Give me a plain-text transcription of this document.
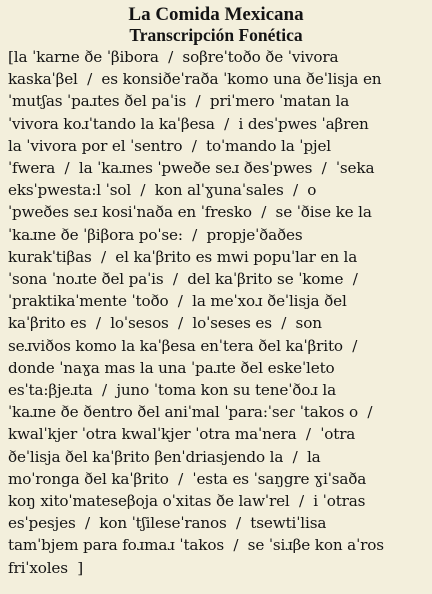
La Comida Mexicana
Transcripción Fonética
[la ˈkarne ðe ˈβibora  /  soβreˈtoðo ðe ˈvivora
kaskaˈβel  /  es konsiðeˈraða ˈkomo una ðeˈlisja en
ˈmutʃas ˈpaɹtes ðel paˈis  /  priˈmero ˈmatan la
ˈvivora koɹˈtando la kaˈβesa  /  i desˈpwes ˈaβren
la ˈvivora por el ˈsentro  /  toˈmando la ˈpjel
ˈfwera  /  la ˈkaɹnes ˈpweðe seɹ ðesˈpwes  /  ˈseka
eksˈpwesta:l ˈsol  /  kon alˈɣunaˈsales  /  o
ˈpweðes seɹ kosiˈnaða en ˈfresko  /  se ˈðise ke la
ˈkaɹne ðe ˈβiβora poˈse:  /  propjeˈðaðes
kurakˈtiβas  /  el kaˈβrito es mwi popuˈlar en la
ˈsona ˈnoɹte ðel paˈis  /  del kaˈβrito se ˈkome  /
ˈpraktikaˈmente ˈtoðo  /  la meˈxoɹ ðeˈlisja ðel
kaˈβrito es  /  loˈsesos  /  loˈseses es  /  son
seɹviðos komo la kaˈβesa enˈtera ðel kaˈβrito  /
donde ˈnaɣa mas la una ˈpaɹte ðel eskeˈleto
esˈta:βjeɹta  /  juno ˈtoma kon su teneˈðoɹ la
ˈkaɹne ðe ðentro ðel aniˈmal ˈpara:ˈseɾ ˈtakos o  /
kwalˈkjer ˈotra kwalˈkjer ˈotra maˈnera  /  ˈotra
ðeˈlisja ðel kaˈβrito βenˈdriasjendo la  /  la
moˈronga ðel kaˈβrito  /  ˈesta es ˈsaŋgre ɣiˈsaða
koŋ xitoˈmateseβoja oˈxitas ðe lawˈrel  /  i ˈotras
esˈpesjes  /  kon ˈtʃileseˈranos  /  tsewtiˈlisa
tamˈbjem para foɹmaɹ ˈtakos  /  se ˈsiɹβe kon aˈros
friˈxoles  ]
